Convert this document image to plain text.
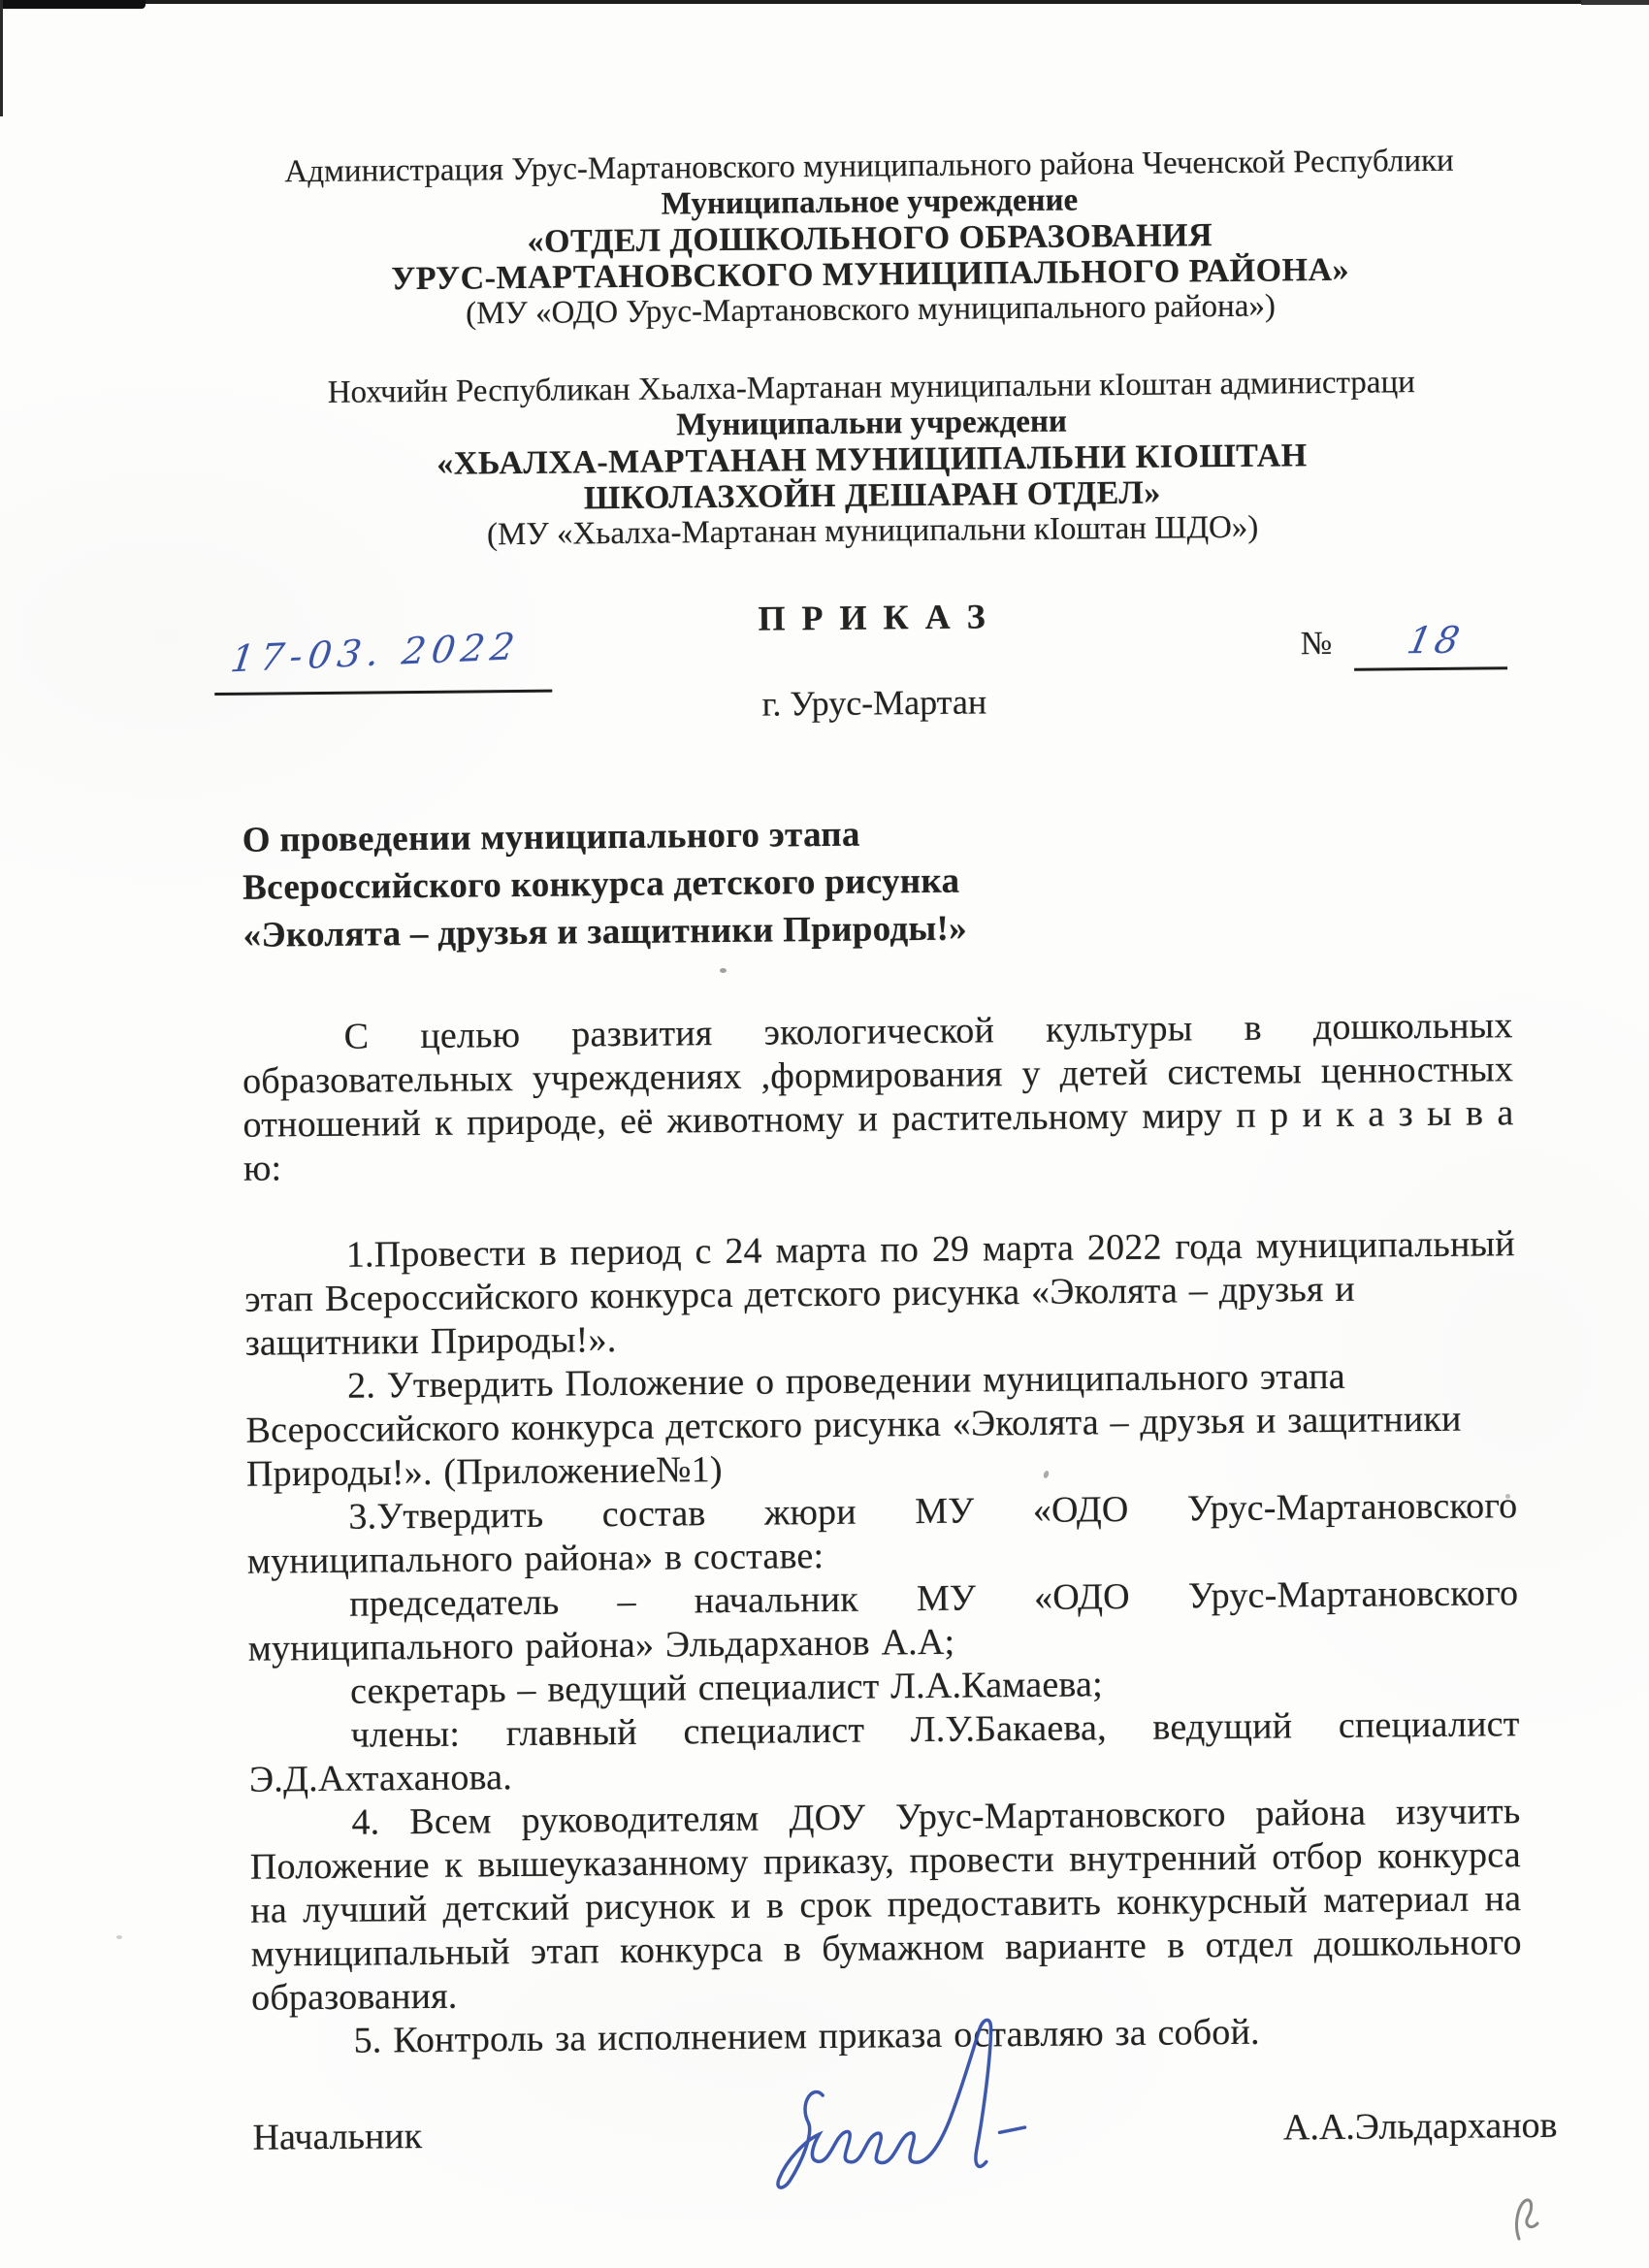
Администрация Урус-Мартановского муниципального района Чеченской Республики
Муниципальное учреждение
«ОТДЕЛ ДОШКОЛЬНОГО ОБРАЗОВАНИЯ
УРУС-МАРТАНОВСКОГО МУНИЦИПАЛЬНОГО РАЙОНА»
(МУ «ОДО Урус-Мартановского муниципального района»)
Нохчийн Республикан Хьалха-Мартанан муниципальни кIоштан администраци
Муниципальни учреждени
«ХЬАЛХА-МАРТАНАН МУНИЦИПАЛЬНИ КIОШТАН
ШКОЛАЗХОЙН ДЕШАРАН ОТДЕЛ»
(МУ «Хьалха-Мартанан муниципальни кIоштан ШДО»)
П Р И К А З
17-03. 2022	№	18
г. Урус-Мартан
О проведении муниципального этапа
Всероссийского конкурса детского рисунка
«Эколята – друзья и защитники Природы!»
С целью развития экологической культуры в дошкольных
образовательных учреждениях ,формирования у детей системы ценностных
отношений к природе, её животному и растительному миру п р и к а з ы в а ю:
1.Провести в период с 24 марта по 29 марта 2022 года муниципальный
этап Всероссийского конкурса детского рисунка «Эколята – друзья и
защитники Природы!».
2. Утвердить Положение о проведении муниципального этапа
Всероссийского конкурса детского рисунка «Эколята – друзья и защитники
Природы!». (Приложение№1)
3.Утвердить состав жюри МУ «ОДО Урус-Мартановского
муниципального района» в составе:
председатель – начальник МУ «ОДО Урус-Мартановского
муниципального района» Эльдарханов А.А;
секретарь – ведущий специалист Л.А.Камаева;
члены: главный специалист Л.У.Бакаева, ведущий специалист
Э.Д.Ахтаханова.
4. Всем руководителям ДОУ Урус-Мартановского района изучить
Положение к вышеуказанному приказу, провести внутренний отбор конкурса
на лучший детский рисунок и в срок предоставить конкурсный материал на
муниципальный этап конкурса в бумажном варианте в отдел дошкольного
образования.
5. Контроль за исполнением приказа оставляю за собой.
Начальник	А.А.Эльдарханов
